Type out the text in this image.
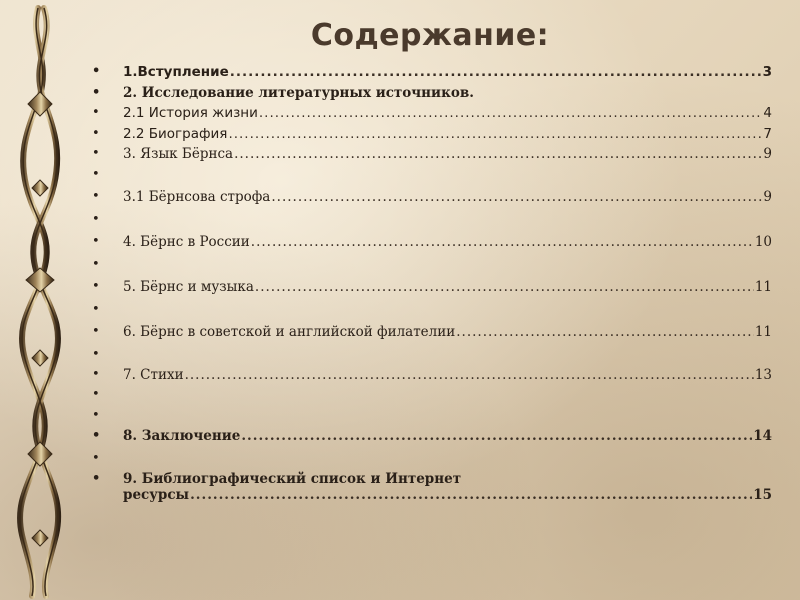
Содержание:
• 1.Вступление .....	3
• 2. Исследование литературных источников.
• 2.1 История жизни .....	4
• 2.2 Биография .....	7
• 3. Язык Бёрнса .....	9
•
• 3.1 Бёрнсова строфа .....	9
•
• 4. Бёрнс в России .....	10
•
• 5. Бёрнс и музыка .....	11
•
• 6. Бёрнс в советской и английской филателии .....	11
•
• 7. Стихи .....	13
•
•
• 8. Заключение .....	14
•
• 9. Библиографический список и Интернет
ресурсы .....	15
